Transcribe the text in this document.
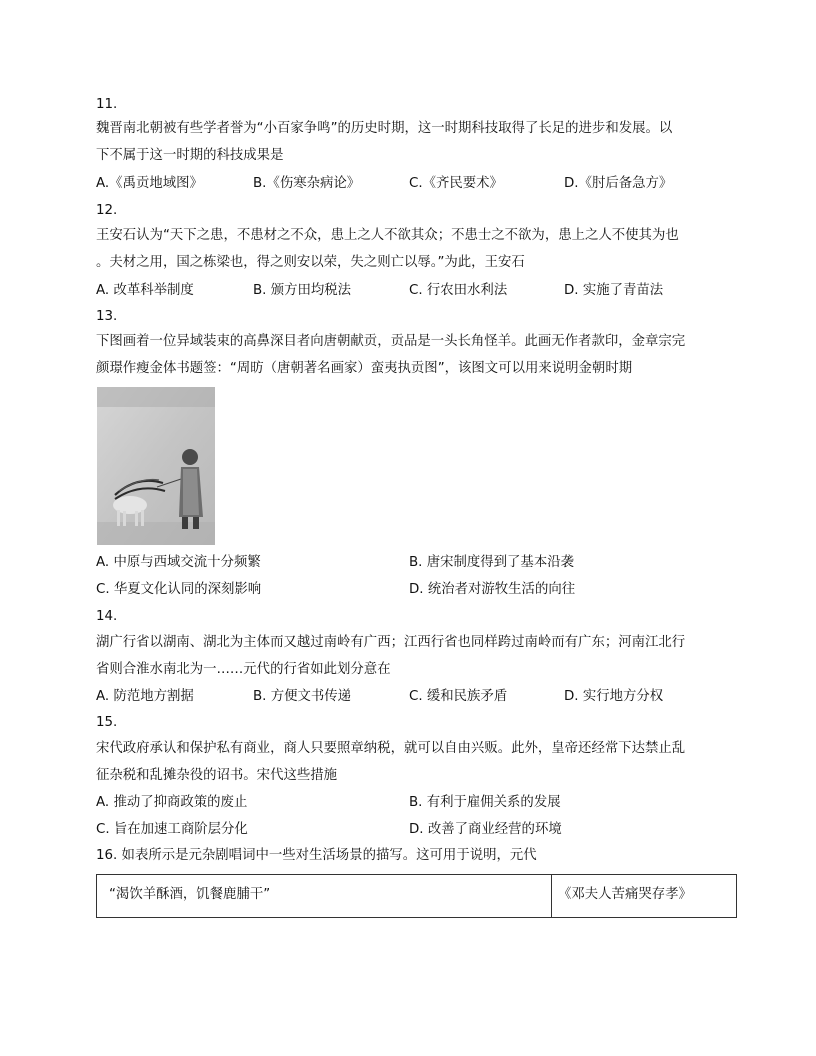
11.
魏晋南北朝被有些学者誉为“小百家争鸣”的历史时期，这一时期科技取得了长足的进步和发展。以
下不属于这一时期的科技成果是
A.《禹贡地域图》	B.《伤寒杂病论》	C.《齐民要术》	D.《肘后备急方》
12.
王安石认为“天下之患，不患材之不众，患上之人不欲其众；不患士之不欲为，患上之人不使其为也
。夫材之用，国之栋梁也，得之则安以荣，失之则亡以辱。”为此，王安石
A. 改革科举制度	B. 颁方田均税法	C. 行农田水利法	D. 实施了青苗法
13.
下图画着一位异域装束的高鼻深目者向唐朝献贡，贡品是一头长角怪羊。此画无作者款印，金章宗完
颜璟作瘦金体书题签：“周昉（唐朝著名画家）蛮夷执贡图”，该图文可以用来说明金朝时期
A. 中原与西域交流十分频繁	B. 唐宋制度得到了基本沿袭
C. 华夏文化认同的深刻影响	D. 统治者对游牧生活的向往
14.
湖广行省以湖南、湖北为主体而又越过南岭有广西；江西行省也同样跨过南岭而有广东；河南江北行
省则合淮水南北为一……元代的行省如此划分意在
A. 防范地方割据	B. 方便文书传递	C. 缓和民族矛盾	D. 实行地方分权
15.
宋代政府承认和保护私有商业，商人只要照章纳税，就可以自由兴贩。此外，皇帝还经常下达禁止乱
征杂税和乱摊杂役的诏书。宋代这些措施
A. 推动了抑商政策的废止	B. 有利于雇佣关系的发展
C. 旨在加速工商阶层分化	D. 改善了商业经营的环境
16. 如表所示是元杂剧唱词中一些对生活场景的描写。这可用于说明，元代
“渴饮羊酥酒，饥餐鹿脯干”	《邓夫人苦痛哭存孝》
